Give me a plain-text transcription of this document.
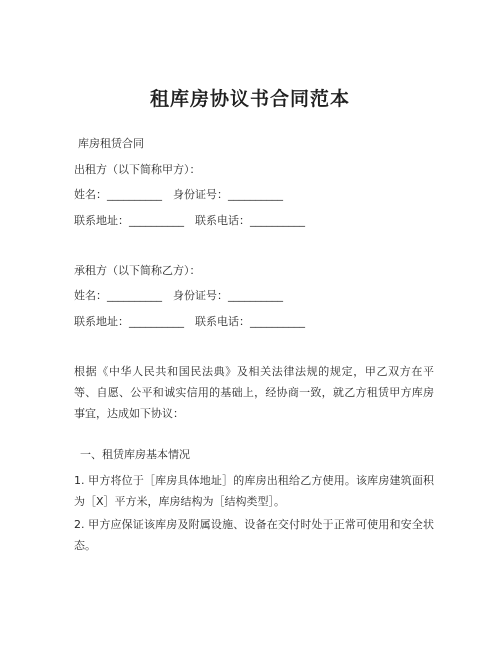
租库房协议书合同范本
库房租赁合同
出租方（以下简称甲方）：
姓名：__________　身份证号：__________
联系地址：__________　联系电话：__________
承租方（以下简称乙方）：
姓名：__________　身份证号：__________
联系地址：__________　联系电话：__________
根据《中华人民共和国民法典》及相关法律法规的规定，甲乙双方在平等、自愿、公平和诚实信用的基础上，经协商一致，就乙方租赁甲方库房事宜，达成如下协议：
一、租赁库房基本情况
1. 甲方将位于［库房具体地址］的库房出租给乙方使用。该库房建筑面积为［X］平方米，库房结构为［结构类型］。
2. 甲方应保证该库房及附属设施、设备在交付时处于正常可使用和安全状态。
